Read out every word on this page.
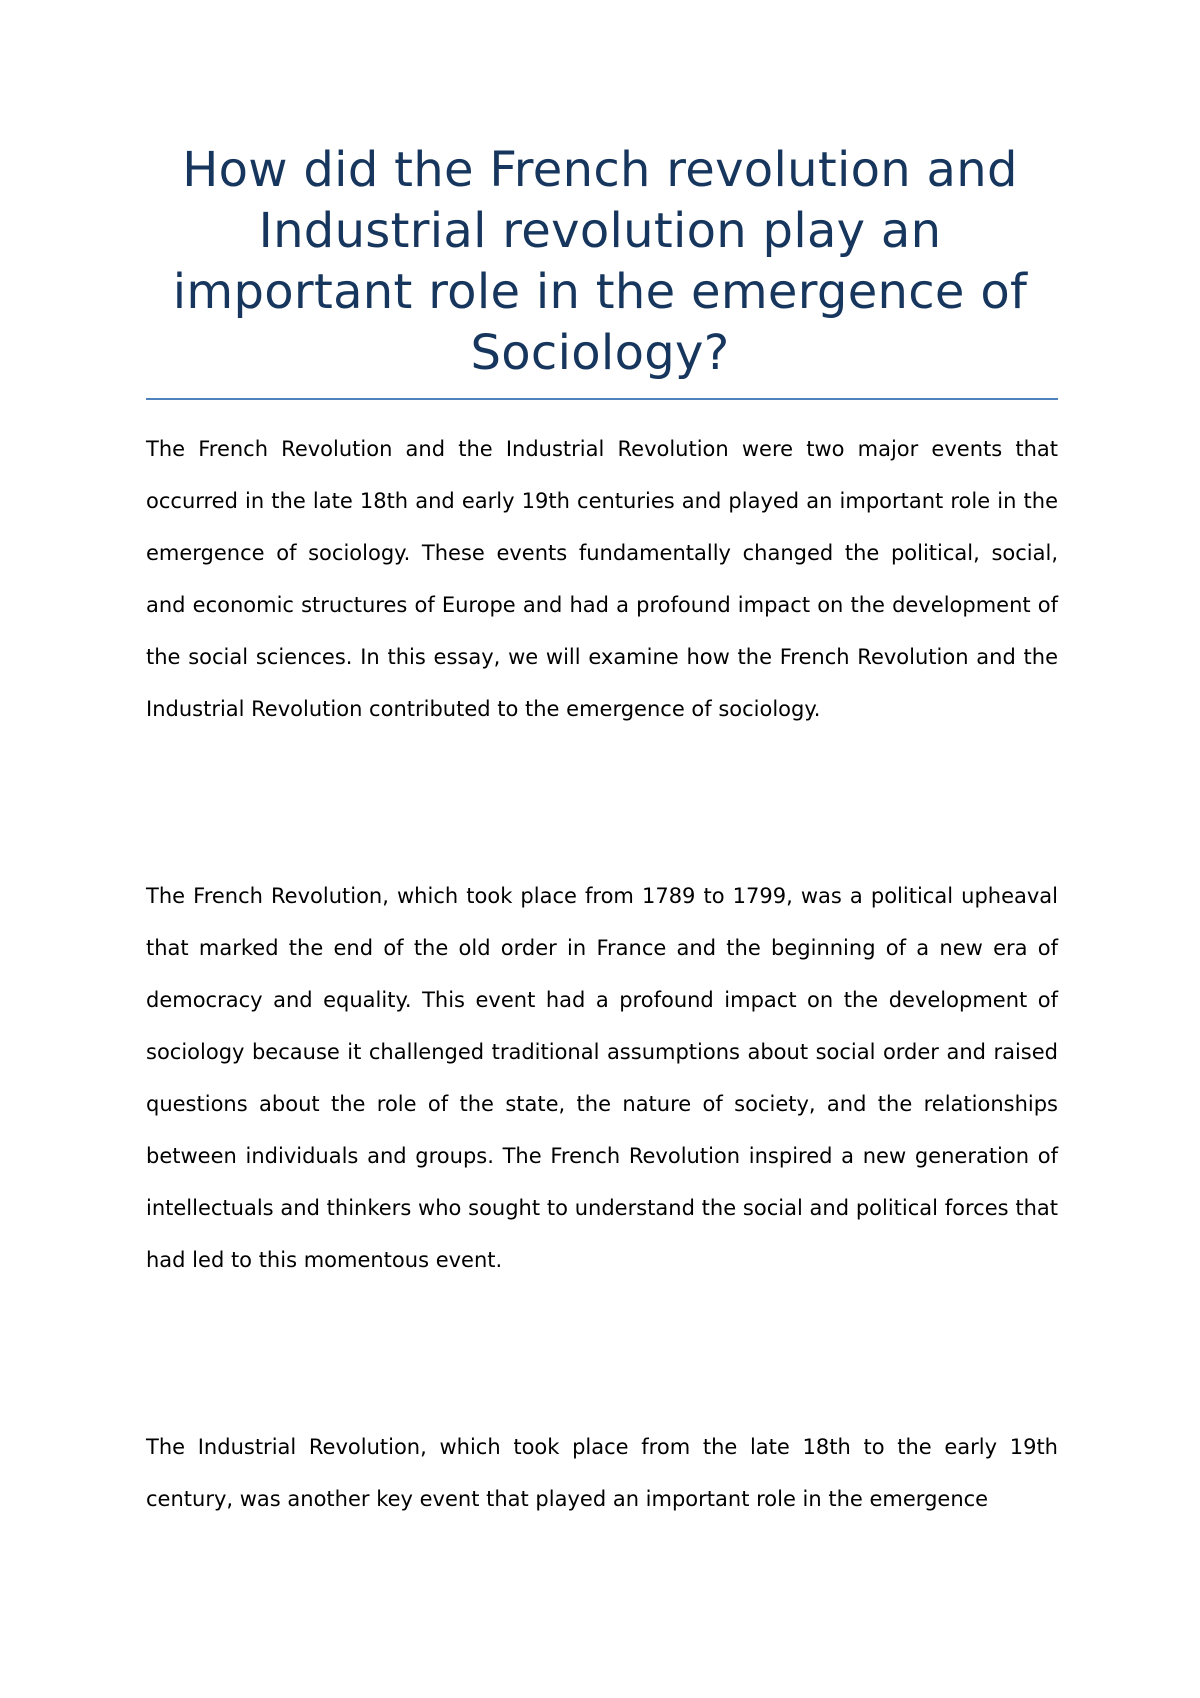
How did the French revolution and Industrial revolution play an important role in the emergence of Sociology?

The French Revolution and the Industrial Revolution were two major events that occurred in the late 18th and early 19th centuries and played an important role in the emergence of sociology. These events fundamentally changed the political, social, and economic structures of Europe and had a profound impact on the development of the social sciences. In this essay, we will examine how the French Revolution and the Industrial Revolution contributed to the emergence of sociology.

The French Revolution, which took place from 1789 to 1799, was a political upheaval that marked the end of the old order in France and the beginning of a new era of democracy and equality. This event had a profound impact on the development of sociology because it challenged traditional assumptions about social order and raised questions about the role of the state, the nature of society, and the relationships between individuals and groups. The French Revolution inspired a new generation of intellectuals and thinkers who sought to understand the social and political forces that had led to this momentous event.

The Industrial Revolution, which took place from the late 18th to the early 19th century, was another key event that played an important role in the emergence
